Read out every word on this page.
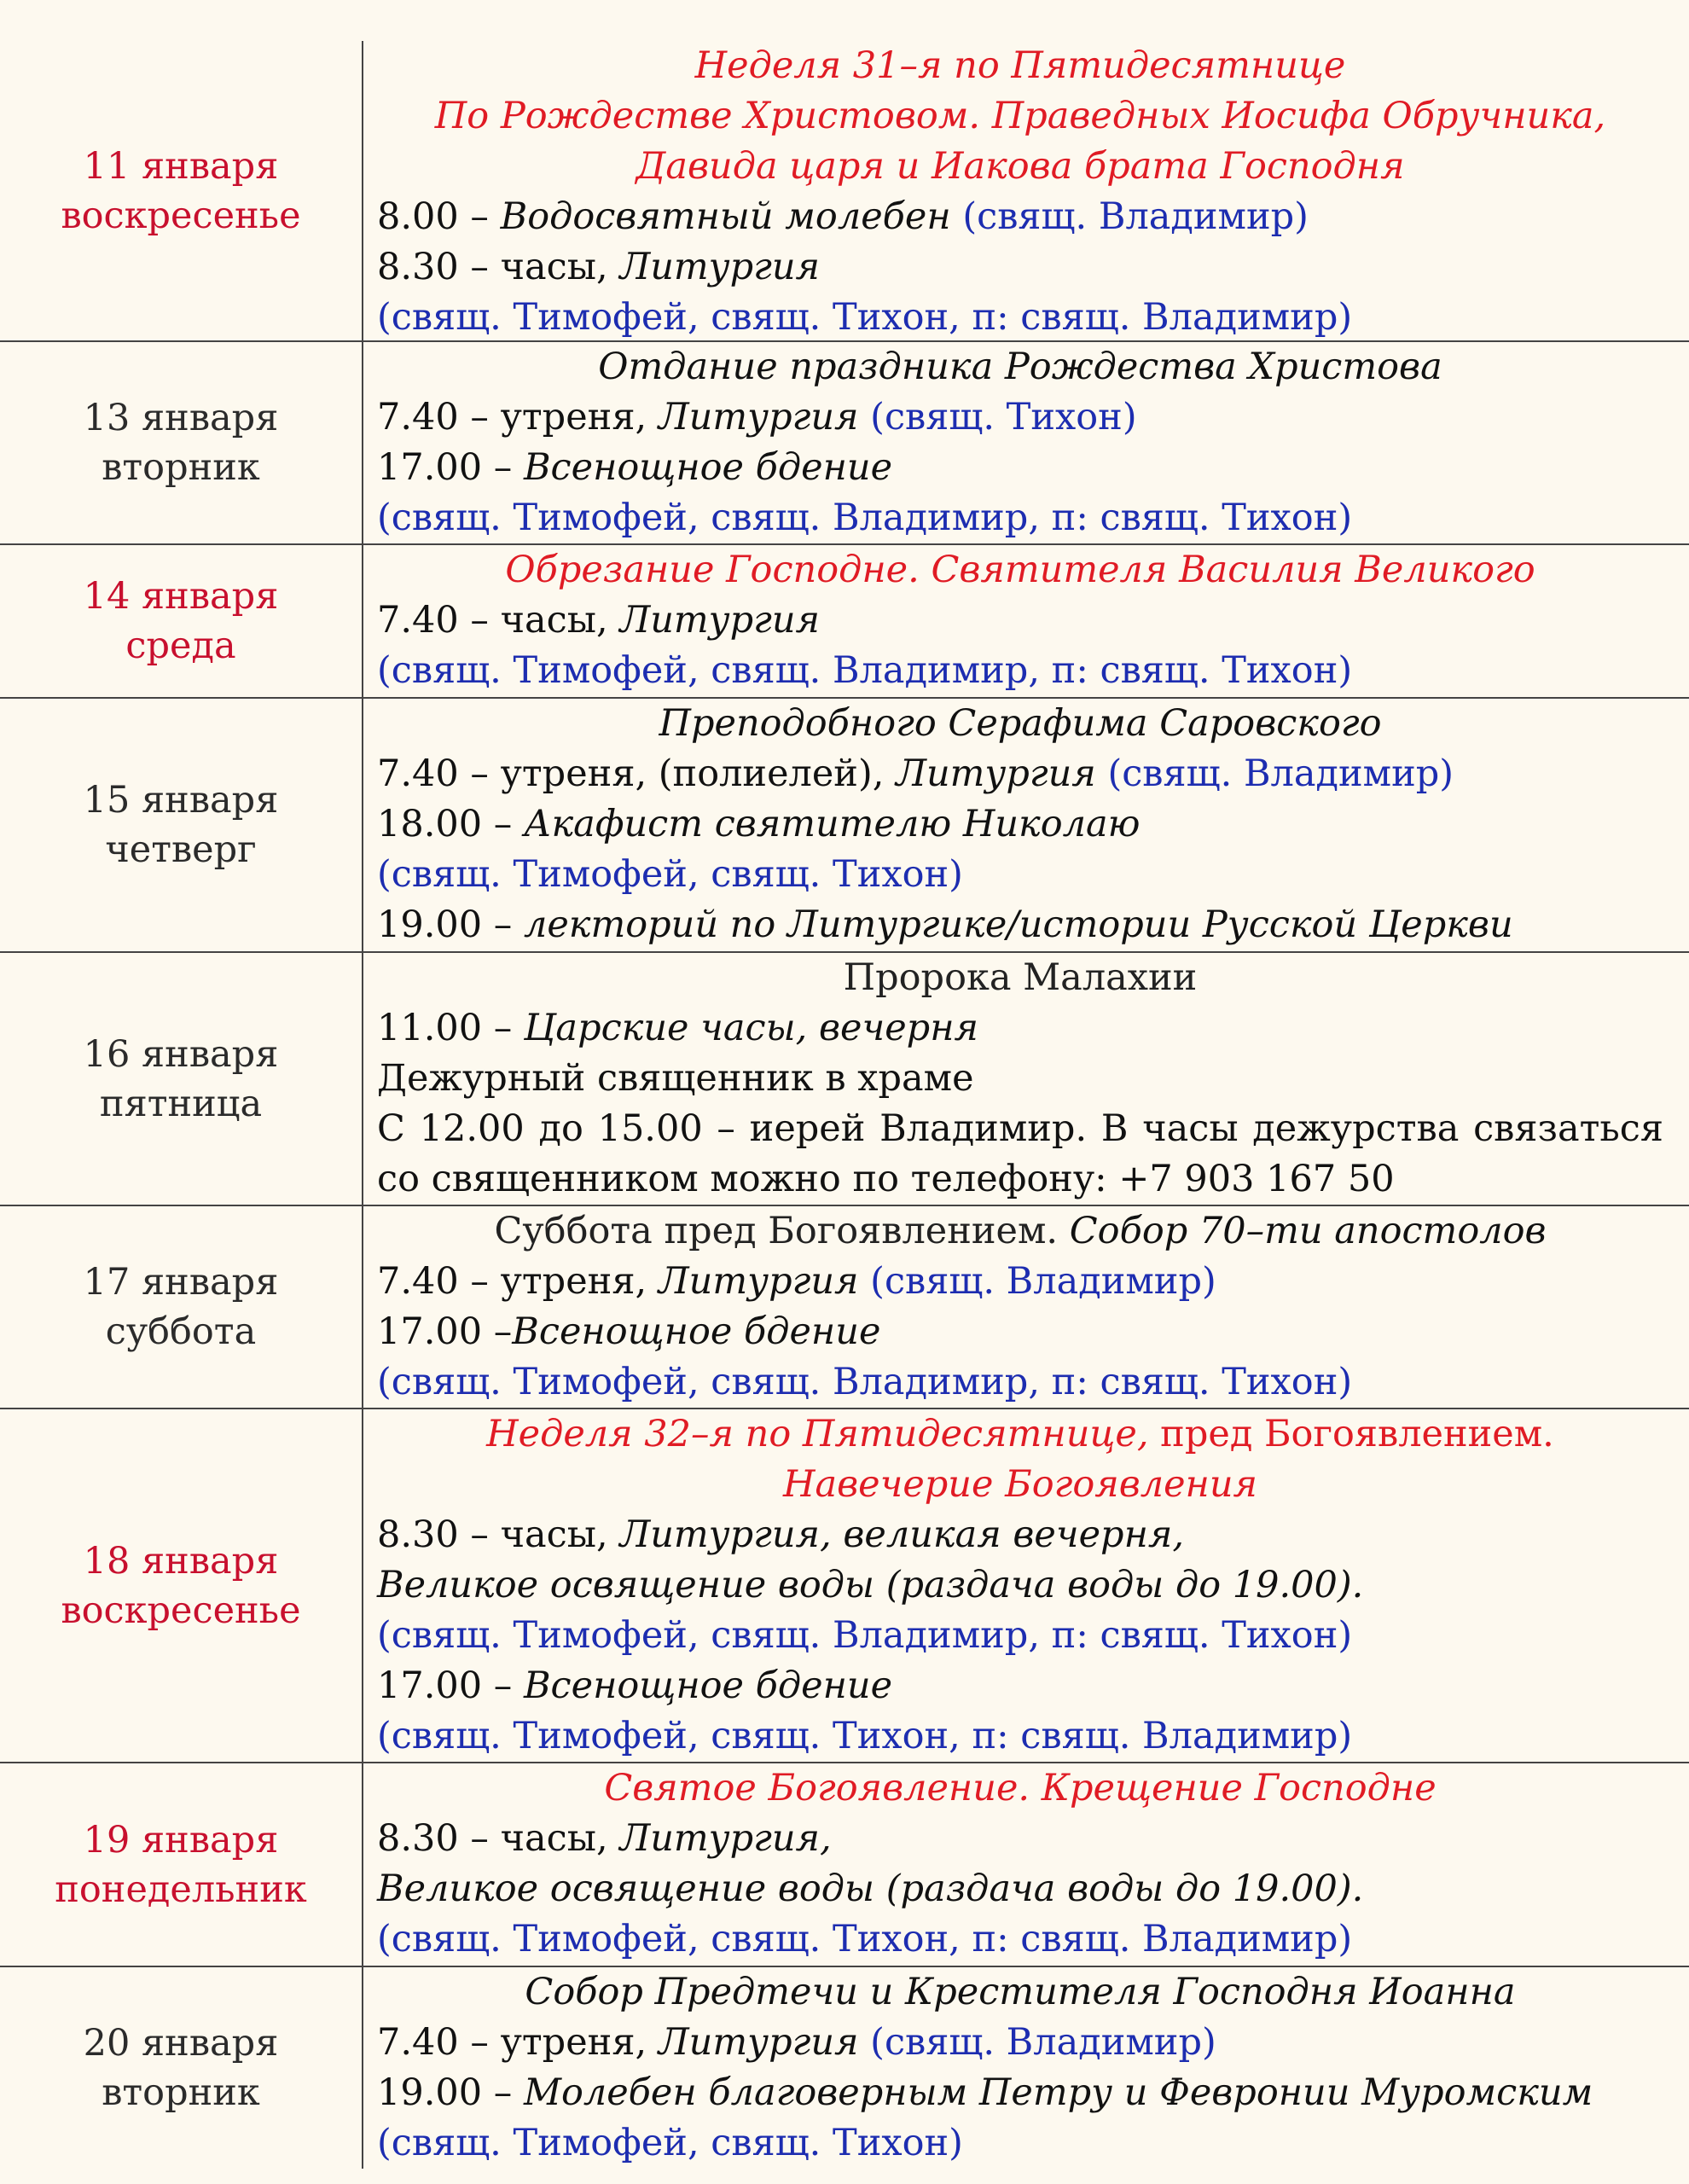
11 января
воскресенье
Неделя 31–я по Пятидесятнице
По Рождестве Христовом. Праведных Иосифа Обручника,
Давида царя и Иакова брата Господня
8.00 – Водосвятный молебен (свящ. Владимир)
8.30 – часы, Литургия
(свящ. Тимофей, свящ. Тихон, п: свящ. Владимир)
13 января
вторник
Отдание праздника Рождества Христова
7.40 – утреня, Литургия (свящ. Тихон)
17.00 – Всенощное бдение
(свящ. Тимофей, свящ. Владимир, п: свящ. Тихон)
14 января
среда
Обрезание Господне. Святителя Василия Великого
7.40 – часы, Литургия
(свящ. Тимофей, свящ. Владимир, п: свящ. Тихон)
15 января
четверг
Преподобного Серафима Саровского
7.40 – утреня, (полиелей), Литургия (свящ. Владимир)
18.00 – Акафист святителю Николаю
(свящ. Тимофей, свящ. Тихон)
19.00 – лекторий по Литургике/истории Русской Церкви
16 января
пятница
Пророка Малахии
11.00 – Царские часы, вечерня
Дежурный священник в храме
С 12.00 до 15.00 – иерей Владимир. В часы дежурства связаться со священником можно по телефону: +7 903 167 50
17 января
суббота
Суббота пред Богоявлением. Собор 70–ти апостолов
7.40 – утреня, Литургия (свящ. Владимир)
17.00 –Всенощное бдение
(свящ. Тимофей, свящ. Владимир, п: свящ. Тихон)
18 января
воскресенье
Неделя 32–я по Пятидесятнице, пред Богоявлением.
Навечерие Богоявления
8.30 – часы, Литургия, великая вечерня,
Великое освящение воды (раздача воды до 19.00).
(свящ. Тимофей, свящ. Владимир, п: свящ. Тихон)
17.00 – Всенощное бдение
(свящ. Тимофей, свящ. Тихон, п: свящ. Владимир)
19 января
понедельник
Святое Богоявление. Крещение Господне
8.30 – часы, Литургия,
Великое освящение воды (раздача воды до 19.00).
(свящ. Тимофей, свящ. Тихон, п: свящ. Владимир)
20 января
вторник
Собор Предтечи и Крестителя Господня Иоанна
7.40 – утреня, Литургия (свящ. Владимир)
19.00 – Молебен благоверным Петру и Февронии Муромским
(свящ. Тимофей, свящ. Тихон)
